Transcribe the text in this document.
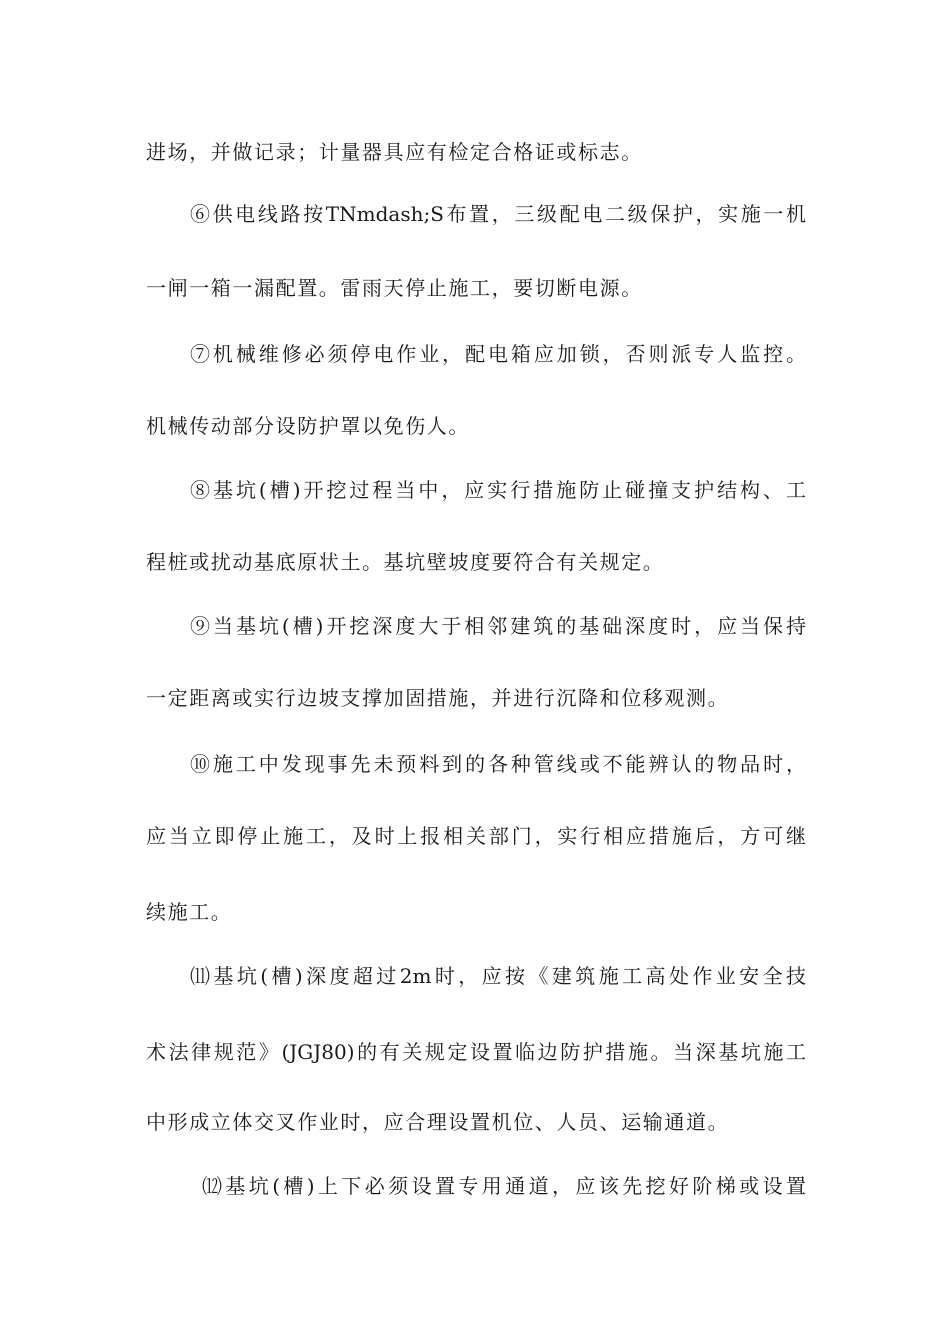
进场，并做记录；计量器具应有检定合格证或标志。
⑥供电线路按TNmdash;S布置，三级配电二级保护，实施一机
一闸一箱一漏配置。雷雨天停止施工，要切断电源。
⑦机械维修必须停电作业，配电箱应加锁，否则派专人监控。
机械传动部分设防护罩以免伤人。
⑧基坑(槽)开挖过程当中，应实行措施防止碰撞支护结构、工
程桩或扰动基底原状土。基坑壁坡度要符合有关规定。
⑨当基坑(槽)开挖深度大于相邻建筑的基础深度时，应当保持
一定距离或实行边坡支撑加固措施，并进行沉降和位移观测。
⑩施工中发现事先未预料到的各种管线或不能辨认的物品时，
应当立即停止施工，及时上报相关部门，实行相应措施后，方可继
续施工。
⑾基坑(槽)深度超过2m时，应按《建筑施工高处作业安全技
术法律规范》(JGJ80)的有关规定设置临边防护措施。当深基坑施工
中形成立体交叉作业时，应合理设置机位、人员、运输通道。
⑿基坑(槽)上下必须设置专用通道，应该先挖好阶梯或设置
